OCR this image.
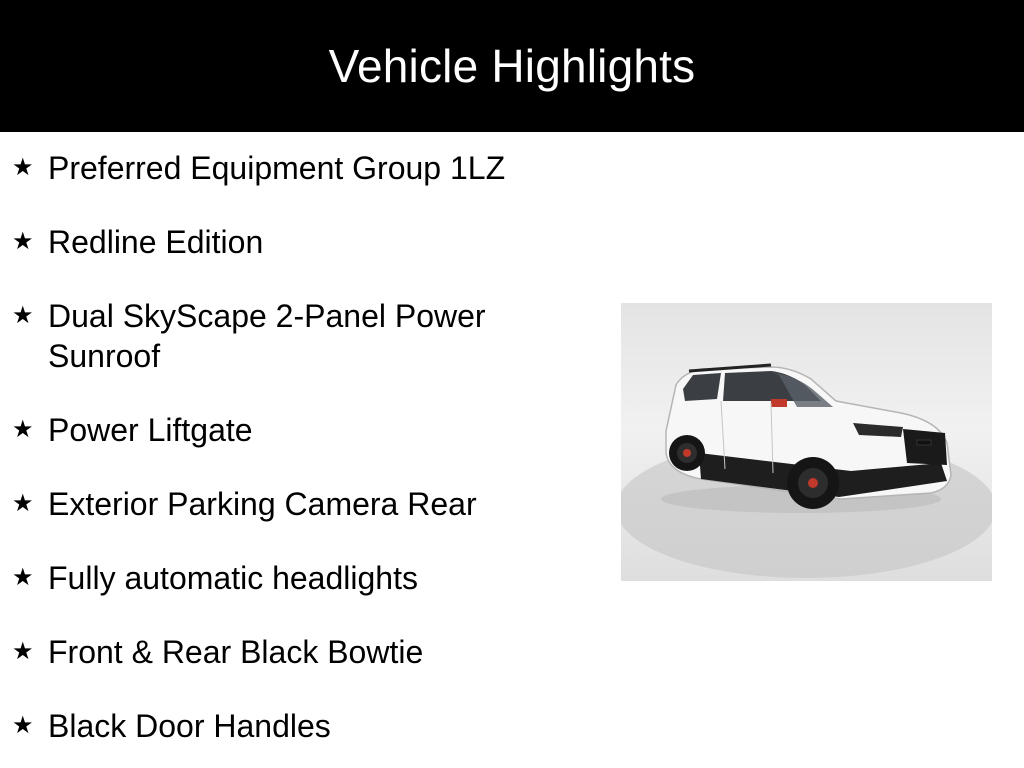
Vehicle Highlights
★ Preferred Equipment Group 1LZ
★ Redline Edition
★ Dual SkyScape 2-Panel Power Sunroof
★ Power Liftgate
★ Exterior Parking Camera Rear
★ Fully automatic headlights
★ Front & Rear Black Bowtie
★ Black Door Handles
